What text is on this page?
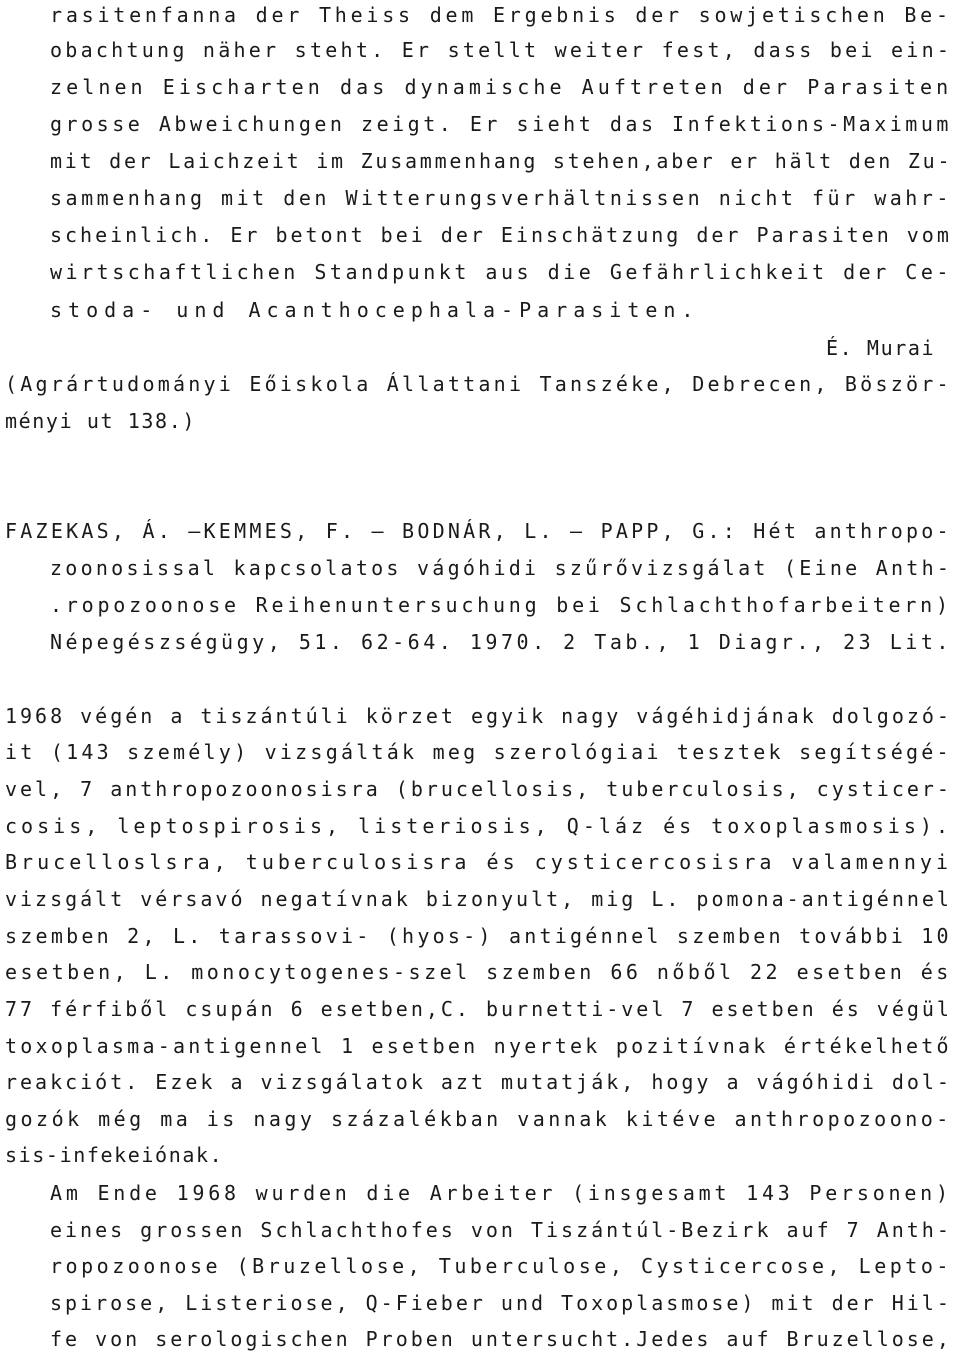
rasitenfanna der Theiss dem Ergebnis der sowjetischen Be-
obachtung näher steht. Er stellt weiter fest, dass bei ein-
zelnen Eischarten das dynamische Auftreten der Parasiten
grosse Abweichungen zeigt. Er sieht das Infektions-Maximum
mit der Laichzeit im Zusammenhang stehen,aber er hält den Zu-
sammenhang mit den Witterungsverhältnissen nicht für wahr-
scheinlich. Er betont bei der Einschätzung der Parasiten vom
wirtschaftlichen Standpunkt aus die Gefährlichkeit der Ce-
stoda- und Acanthocephala-Parasiten.
É. Murai
(Agrártudományi Eőiskola Állattani Tanszéke, Debrecen, Böször-
ményi ut 138.)
FAZEKAS, Á. —KEMMES, F. — BODNÁR, L. — PAPP, G.: Hét anthropo-
zoonosissal kapcsolatos vágóhidi szűrővizsgálat (Eine Anth-
.ropozoonose Reihenuntersuchung bei Schlachthofarbeitern)
Népegészségügy, 51. 62-64. 1970. 2 Tab., 1 Diagr., 23 Lit.
1968 végén a tiszántúli körzet egyik nagy vágéhidjának dolgozó-
it (143 személy) vizsgálták meg szerológiai tesztek segítségé-
vel, 7 anthropozoonosisra (brucellosis, tuberculosis, cysticer-
cosis, leptospirosis, listeriosis, Q-láz és toxoplasmosis).
Brucelloslsra, tuberculosisra és cysticercosisra valamennyi
vizsgált vérsavó negatívnak bizonyult, mig L. pomona-antigénnel
szemben 2, L. tarassovi- (hyos-) antigénnel szemben további 10
esetben, L. monocytogenes-szel szemben 66 nőből 22 esetben és
77 férfiből csupán 6 esetben,C. burnetti-vel 7 esetben és végül
toxoplasma-antigennel 1 esetben nyertek pozitívnak értékelhető
reakciót. Ezek a vizsgálatok azt mutatják, hogy a vágóhidi dol-
gozók még ma is nagy százalékban vannak kitéve anthropozoono-
sis-infekeiónak.
Am Ende 1968 wurden die Arbeiter (insgesamt 143 Personen)
eines grossen Schlachthofes von Tiszántúl-Bezirk auf 7 Anth-
ropozoonose (Bruzellose, Tuberculose, Cysticercose, Lepto-
spirose, Listeriose, Q-Fieber und Toxoplasmose) mit der Hil-
fe von serologischen Proben untersucht.Jedes auf Bruzellose,
